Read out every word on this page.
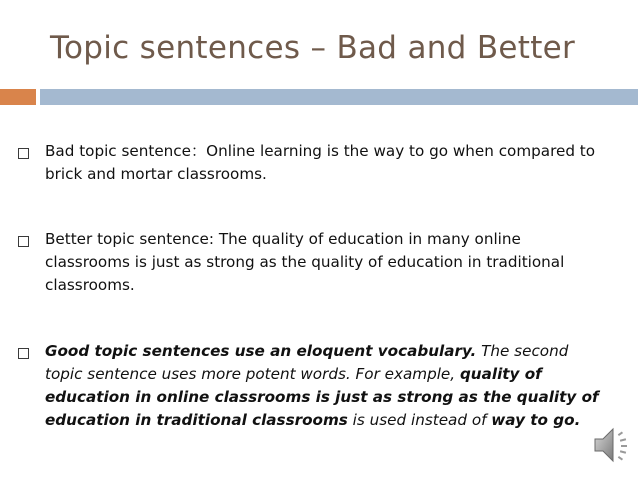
Topic sentences – Bad and Better
Bad topic sentence：Online learning is the way to go when compared to brick and mortar classrooms.
Better topic sentence: The quality of education in many online classrooms is just as strong as the quality of education in traditional classrooms.
Good topic sentences use an eloquent vocabulary. The second topic sentence uses more potent words. For example, quality of education in online classrooms is just as strong as the quality of education in traditional classrooms is used instead of way to go.
